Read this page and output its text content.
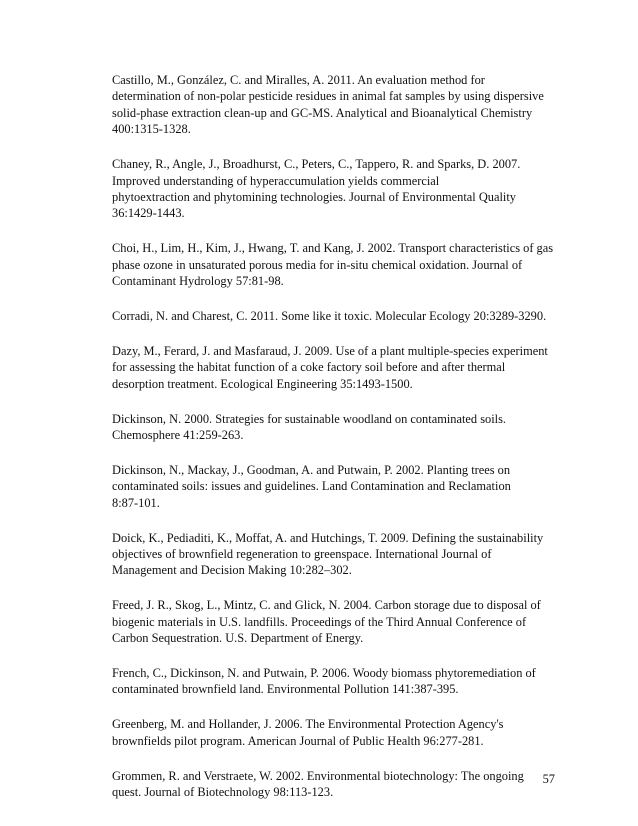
Castillo, M., González, C. and Miralles, A. 2011. An evaluation method for
determination of non-polar pesticide residues in animal fat samples by using dispersive
solid-phase extraction clean-up and GC-MS. Analytical and Bioanalytical Chemistry
400:1315-1328.
Chaney, R., Angle, J., Broadhurst, C., Peters, C., Tappero, R. and Sparks, D. 2007.
Improved understanding of hyperaccumulation yields commercial
phytoextraction and phytomining technologies. Journal of Environmental Quality
36:1429-1443.
Choi, H., Lim, H., Kim, J., Hwang, T. and Kang, J. 2002. Transport characteristics of gas
phase ozone in unsaturated porous media for in-situ chemical oxidation. Journal of
Contaminant Hydrology 57:81-98.
Corradi, N. and Charest, C. 2011. Some like it toxic. Molecular Ecology 20:3289-3290.
Dazy, M., Ferard, J. and Masfaraud, J. 2009. Use of a plant multiple-species experiment
for assessing the habitat function of a coke factory soil before and after thermal
desorption treatment. Ecological Engineering 35:1493-1500.
Dickinson, N. 2000. Strategies for sustainable woodland on contaminated soils.
Chemosphere 41:259-263.
Dickinson, N., Mackay, J., Goodman, A. and Putwain, P. 2002. Planting trees on
contaminated soils: issues and guidelines. Land Contamination and Reclamation
8:87-101.
Doick, K., Pediaditi, K., Moffat, A. and Hutchings, T. 2009. Defining the sustainability
objectives of brownfield regeneration to greenspace. International Journal of
Management and Decision Making 10:282–302.
Freed, J. R., Skog, L., Mintz, C. and Glick, N. 2004. Carbon storage due to disposal of
biogenic materials in U.S. landfills. Proceedings of the Third Annual Conference of
Carbon Sequestration. U.S. Department of Energy.
French, C., Dickinson, N. and Putwain, P. 2006. Woody biomass phytoremediation of
contaminated brownfield land. Environmental Pollution 141:387-395.
Greenberg, M. and Hollander, J. 2006. The Environmental Protection Agency's
brownfields pilot program. American Journal of Public Health 96:277-281.
Grommen, R. and Verstraete, W. 2002. Environmental biotechnology: The ongoing
quest. Journal of Biotechnology 98:113-123.
57
